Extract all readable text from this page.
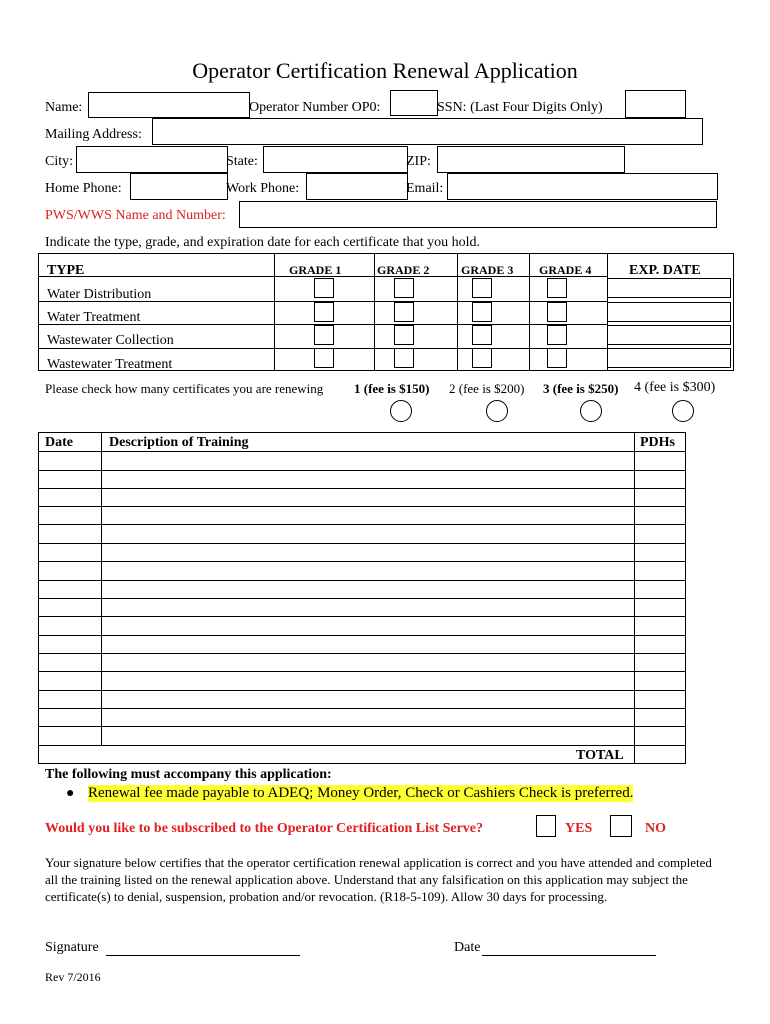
Operator Certification Renewal Application
Name:	Operator Number OP0:	SSN: (Last Four Digits Only)
Mailing Address:
City:	State:	ZIP:
Home Phone:	Work Phone:	Email:
PWS/WWS Name and Number:
Indicate the type, grade, and expiration date for each certificate that you hold.
TYPE	GRADE 1	GRADE 2	GRADE 3 GRADE 4	EXP. DATE
Water Distribution
Water Treatment
Wastewater Collection
Wastewater Treatment
Please check how many certificates you are renewing 1 (fee is $150) 2 (fee is $200) 3 (fee is $250) 4 (fee is $300)
Date	Description of Training	PDHs
TOTAL
The following must accompany this application:
● Renewal fee made payable to ADEQ; Money Order, Check or Cashiers Check is preferred.
Would you like to be subscribed to the Operator Certification List Serve?	YES	NO
Your signature below certifies that the operator certification renewal application is correct and you have attended and completed all the training listed on the renewal application above. Understand that any falsification on this application may subject the certificate(s) to denial, suspension, probation and/or revocation. (R18-5-109). Allow 30 days for processing.
Signature	Date
Rev 7/2016
